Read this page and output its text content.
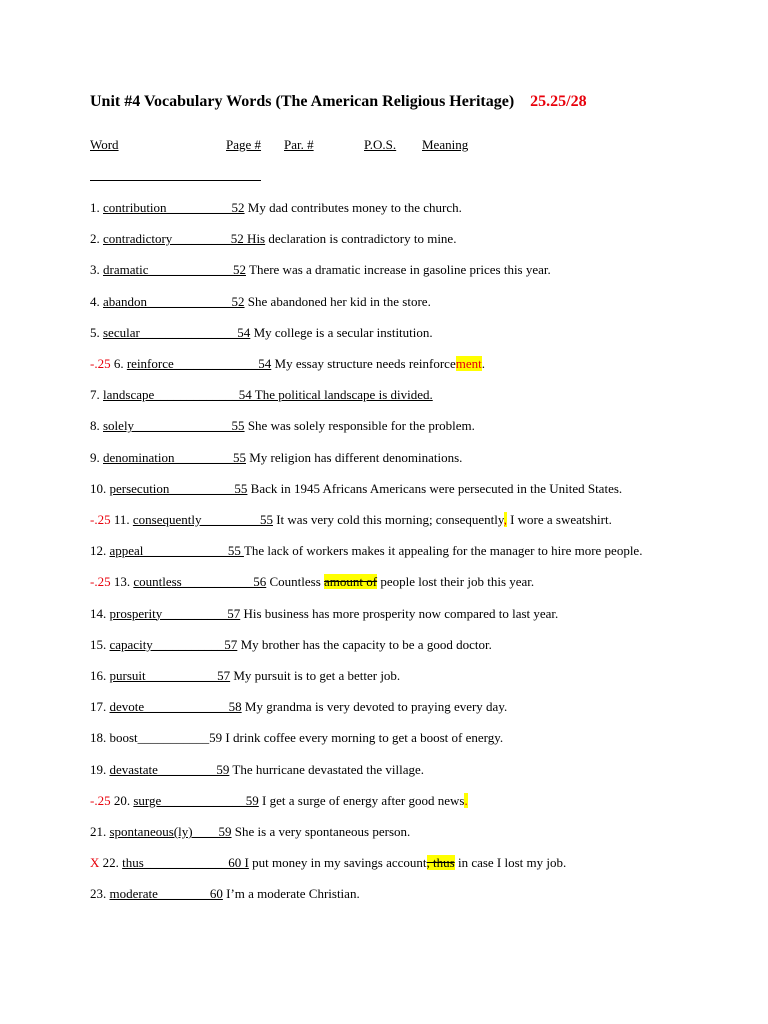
Unit #4 Vocabulary Words (The American Religious Heritage) 25.25/28
Word	Page # Par. #	P.O.S. Meaning
1. contribution__________52 My dad contributes money to the church.
2. contradictory_________52 His declaration is contradictory to mine.
3. dramatic_____________52 There was a dramatic increase in gasoline prices this year.
4. abandon_____________52 She abandoned her kid in the store.
5. secular_______________54 My college is a secular institution.
-.25 6. reinforce_____________54 My essay structure needs reinforcement.
7. landscape_____________54 The political landscape is divided.
8. solely_______________55 She was solely responsible for the problem.
9. denomination_________55 My religion has different denominations.
10. persecution__________55 Back in 1945 Africans Americans were persecuted in the United States.
-.25 11. consequently_________55 It was very cold this morning; consequently, I wore a sweatshirt.
12. appeal_____________55 The lack of workers makes it appealing for the manager to hire more people.
-.25 13. countless___________56 Countless amount of people lost their job this year.
14. prosperity__________57 His business has more prosperity now compared to last year.
15. capacity___________57 My brother has the capacity to be a good doctor.
16. pursuit___________57 My pursuit is to get a better job.
17. devote_____________58 My grandma is very devoted to praying every day.
18. boost___________59 I drink coffee every morning to get a boost of energy.
19. devastate_________59 The hurricane devastated the village.
-.25 20. surge_____________59 I get a surge of energy after good news.
21. spontaneous(ly)____59 She is a very spontaneous person.
X 22. thus_____________60 I put money in my savings account, thus in case I lost my job.
23. moderate________60 I’m a moderate Christian.
